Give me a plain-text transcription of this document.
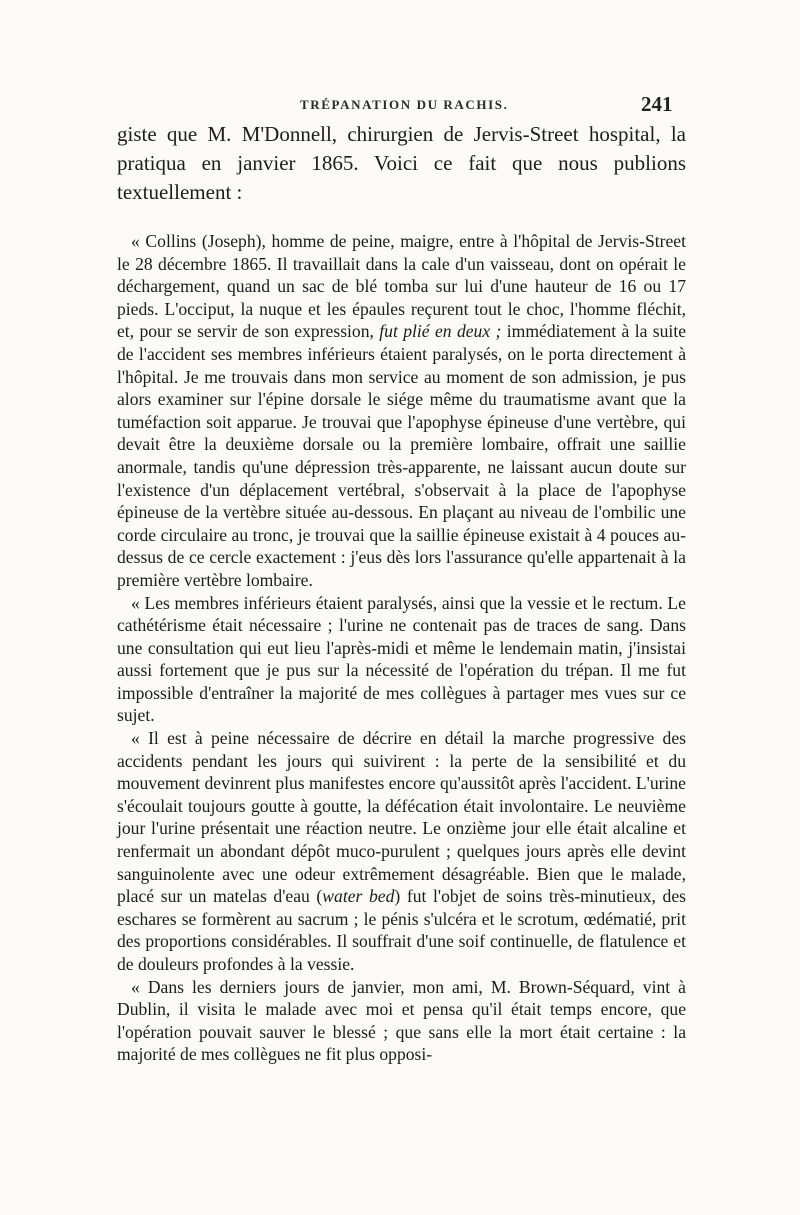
TRÉPANATION DU RACHIS.	241

giste que M. M'Donnell, chirurgien de Jervis-Street hospital, la pratiqua en janvier 1865. Voici ce fait que nous publions textuellement :

« Collins (Joseph), homme de peine, maigre, entre à l'hôpital de Jervis-Street le 28 décembre 1865. Il travaillait dans la cale d'un vaisseau, dont on opérait le déchargement, quand un sac de blé tomba sur lui d'une hauteur de 16 ou 17 pieds. L'occiput, la nuque et les épaules reçurent tout le choc, l'homme fléchit, et, pour se servir de son expression, fut plié en deux ; immédiatement à la suite de l'accident ses membres inférieurs étaient paralysés, on le porta directement à l'hôpital. Je me trouvais dans mon service au moment de son admission, je pus alors examiner sur l'épine dorsale le siége même du traumatisme avant que la tuméfaction soit apparue. Je trouvai que l'apophyse épineuse d'une vertèbre, qui devait être la deuxième dorsale ou la première lombaire, offrait une saillie anormale, tandis qu'une dépression très-apparente, ne laissant aucun doute sur l'existence d'un déplacement vertébral, s'observait à la place de l'apophyse épineuse de la vertèbre située au-dessous. En plaçant au niveau de l'ombilic une corde circulaire au tronc, je trouvai que la saillie épineuse existait à 4 pouces au-dessus de ce cercle exactement : j'eus dès lors l'assurance qu'elle appartenait à la première vertèbre lombaire.

« Les membres inférieurs étaient paralysés, ainsi que la vessie et le rectum. Le cathétérisme était nécessaire ; l'urine ne contenait pas de traces de sang. Dans une consultation qui eut lieu l'après-midi et même le lendemain matin, j'insistai aussi fortement que je pus sur la nécessité de l'opération du trépan. Il me fut impossible d'entraîner la majorité de mes collègues à partager mes vues sur ce sujet.

« Il est à peine nécessaire de décrire en détail la marche progressive des accidents pendant les jours qui suivirent : la perte de la sensibilité et du mouvement devinrent plus manifestes encore qu'aussitôt après l'accident. L'urine s'écoulait toujours goutte à goutte, la défécation était involontaire. Le neuvième jour l'urine présentait une réaction neutre. Le onzième jour elle était alcaline et renfermait un abondant dépôt muco-purulent ; quelques jours après elle devint sanguinolente avec une odeur extrêmement désagréable. Bien que le malade, placé sur un matelas d'eau (water bed) fut l'objet de soins très-minutieux, des eschares se formèrent au sacrum ; le pénis s'ulcéra et le scrotum, œdématié, prit des proportions considérables. Il souffrait d'une soif continuelle, de flatulence et de douleurs profondes à la vessie.

« Dans les derniers jours de janvier, mon ami, M. Brown-Séquard, vint à Dublin, il visita le malade avec moi et pensa qu'il était temps encore, que l'opération pouvait sauver le blessé ; que sans elle la mort était certaine : la majorité de mes collègues ne fit plus opposi-
